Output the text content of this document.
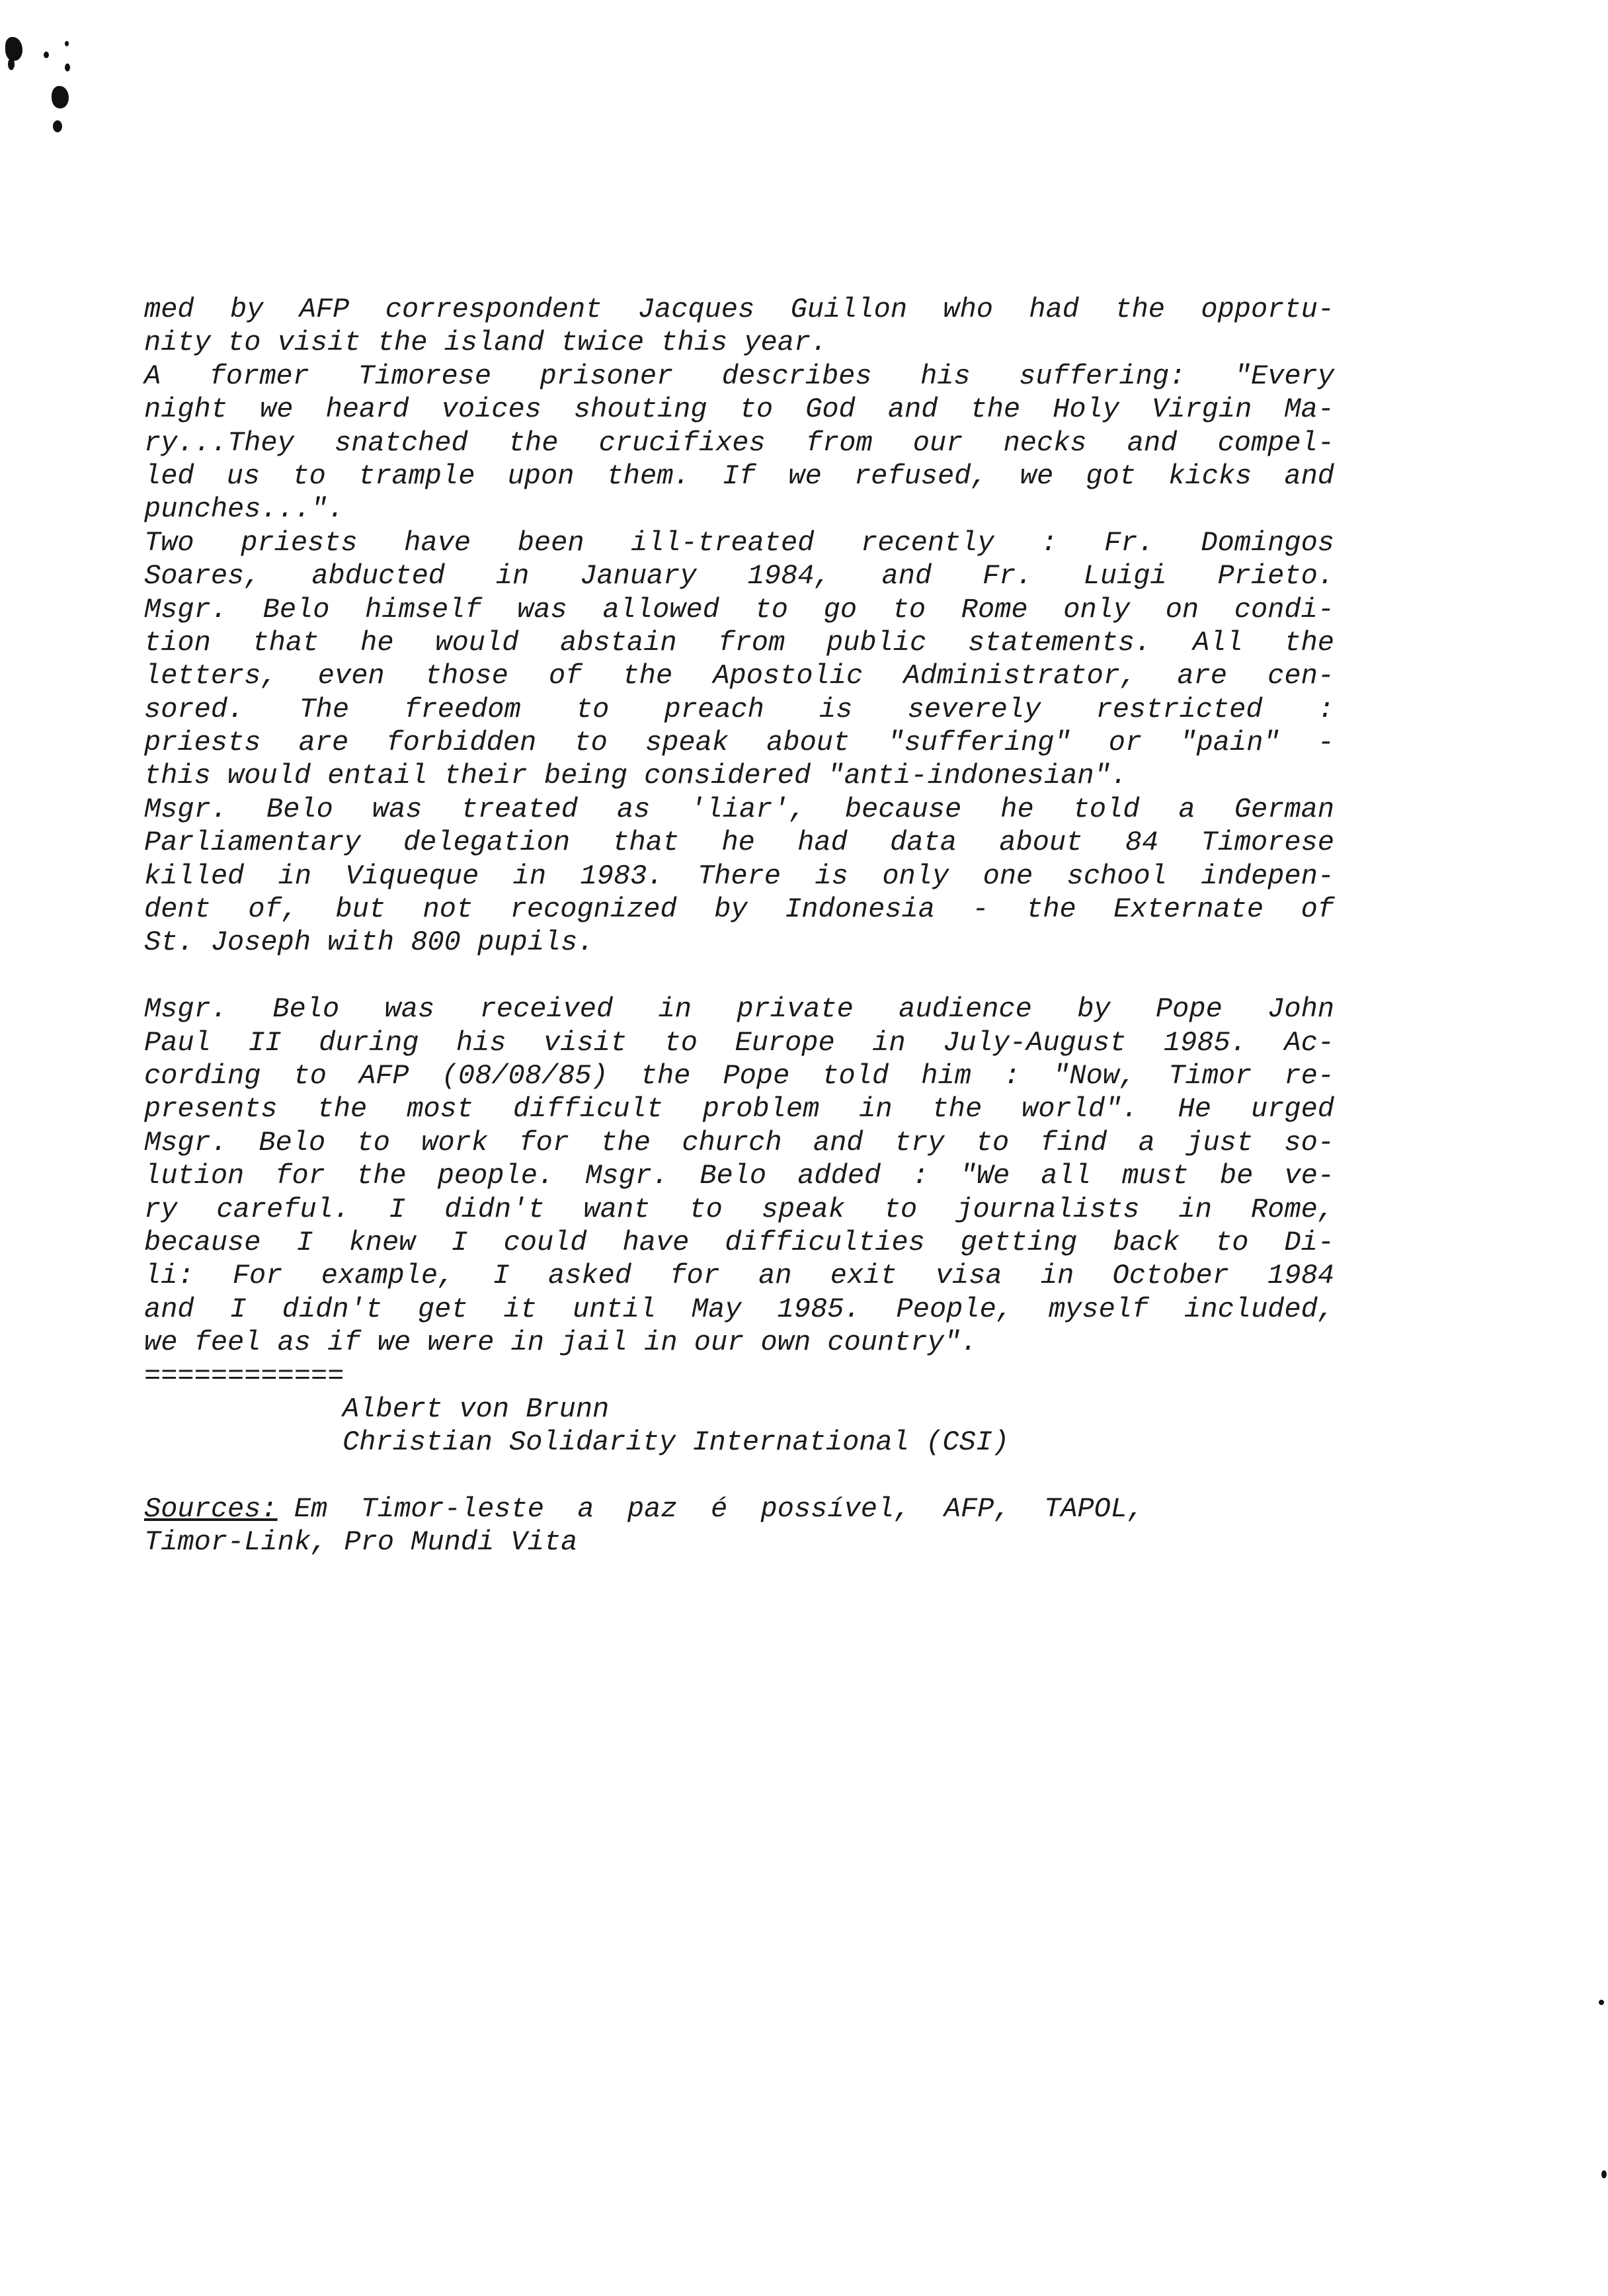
med by AFP correspondent Jacques Guillon who had the opportu-
nity to visit the island twice this year.
A former Timorese prisoner describes his suffering: "Every
night we heard voices shouting to God and the Holy Virgin Ma-
ry...They snatched the crucifixes from our necks and compel-
led us to trample upon them. If we refused, we got kicks and
punches...".
Two priests have been ill-treated recently : Fr. Domingos
Soares, abducted in January 1984, and Fr. Luigi Prieto.
Msgr. Belo himself was allowed to go to Rome only on condi-
tion that he would abstain from public statements. All the
letters, even those of the Apostolic Administrator, are cen-
sored. The freedom to preach is severely restricted :
priests are forbidden to speak about "suffering" or "pain" -
this would entail their being considered "anti-indonesian".
Msgr. Belo was treated as 'liar', because he told a German
Parliamentary delegation that he had data about 84 Timorese
killed in Viqueque in 1983. There is only one school indepen-
dent of, but not recognized by Indonesia - the Externate of
St. Joseph with 800 pupils.
Msgr. Belo was received in private audience by Pope John
Paul II during his visit to Europe in July-August 1985. Ac-
cording to AFP (08/08/85) the Pope told him : "Now, Timor re-
presents the most difficult problem in the world". He urged
Msgr. Belo to work for the church and try to find a just so-
lution for the people. Msgr. Belo added : "We all must be ve-
ry careful. I didn't want to speak to journalists in Rome,
because I knew I could have difficulties getting back to Di-
li: For example, I asked for an exit visa in October 1984
and I didn't get it until May 1985. People, myself included,
we feel as if we were in jail in our own country".
============
Albert von Brunn
Christian Solidarity International (CSI)
Sources: Em  Timor-leste  a  paz  é  possível,  AFP,  TAPOL,
Timor-Link, Pro Mundi Vita
